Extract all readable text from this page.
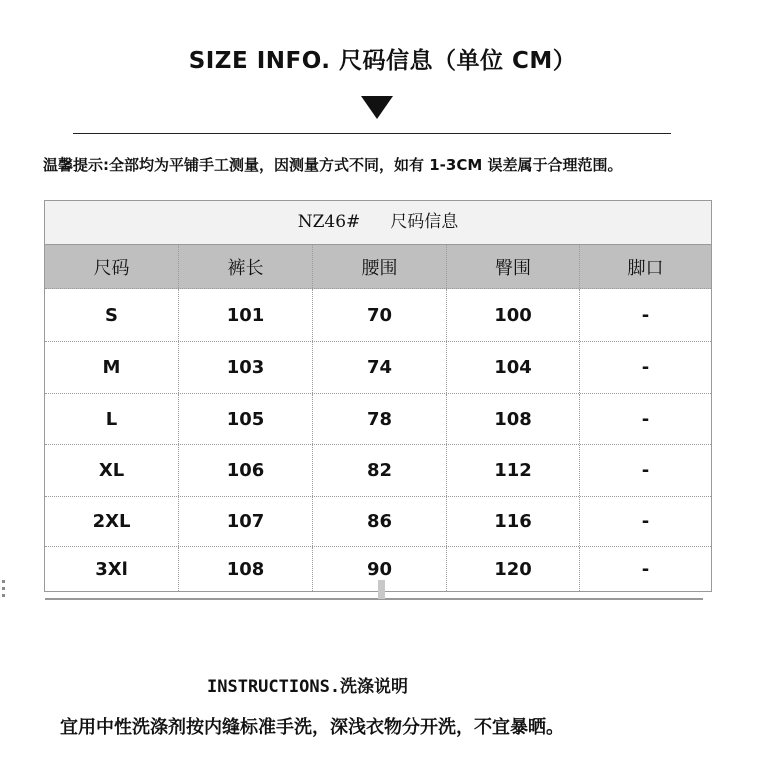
SIZE INFO. 尺码信息（单位 CM）
温馨提示:全部均为平铺手工测量，因测量方式不同，如有 1-3CM 误差属于合理范围。
NZ46# 尺码信息
尺码	裤长	腰围	臀围	脚口
S	101	70	100	-
M	103	74	104	-
L	105	78	108	-
XL	106	82	112	-
2XL	107	86	116	-
3Xl	108	90	120	-
INSTRUCTIONS.洗涤说明
宜用中性洗涤剂按内缝标准手洗，深浅衣物分开洗，不宜暴晒。
